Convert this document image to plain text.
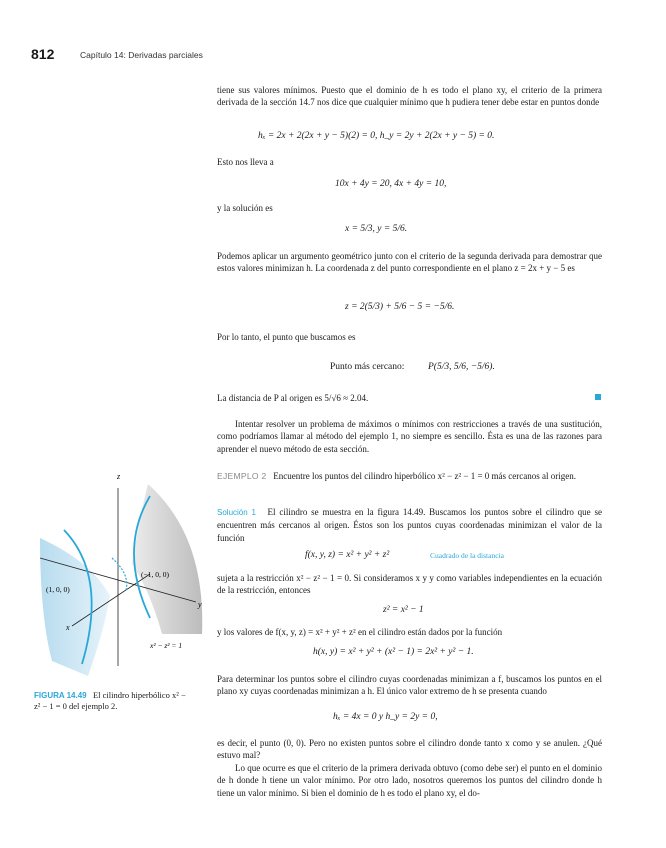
812	Capítulo 14: Derivadas parciales
tiene sus valores mínimos. Puesto que el dominio de h es todo el plano xy, el criterio de la primera derivada de la sección 14.7 nos dice que cualquier mínimo que h pudiera tener debe estar en puntos donde
hₓ = 2x + 2(2x + y − 5)(2) = 0, h_y = 2y + 2(2x + y − 5) = 0.
Esto nos lleva a
10x + 4y = 20, 4x + 4y = 10,
y la solución es
x = 5/3, y = 5/6.
Podemos aplicar un argumento geométrico junto con el criterio de la segunda derivada para demostrar que estos valores minimizan h. La coordenada z del punto correspondiente en el plano z = 2x + y − 5 es
z = 2(5/3) + 5/6 − 5 = −5/6.
Por lo tanto, el punto que buscamos es
Punto más cercano: P(5/3, 5/6, −5/6).
La distancia de P al origen es 5/√6 ≈ 2.04.
Intentar resolver un problema de máximos o mínimos con restricciones a través de una sustitución, como podríamos llamar al método del ejemplo 1, no siempre es sencillo. Ésta es una de las razones para aprender el nuevo método de esta sección.
EJEMPLO 2 Encuentre los puntos del cilindro hiperbólico x² − z² − 1 = 0 más cercanos al origen.
Solución 1 El cilindro se muestra en la figura 14.49. Buscamos los puntos sobre el cilindro que se encuentren más cercanos al origen. Éstos son los puntos cuyas coordenadas minimizan el valor de la función
f(x, y, z) = x² + y² + z²	Cuadrado de la distancia
sujeta a la restricción x² − z² − 1 = 0. Si consideramos x y y como variables independientes en la ecuación de la restricción, entonces
z² = x² − 1
y los valores de f(x, y, z) = x² + y² + z² en el cilindro están dados por la función
h(x, y) = x² + y² + (x² − 1) = 2x² + y² − 1.
Para determinar los puntos sobre el cilindro cuyas coordenadas minimizan a f, buscamos los puntos en el plano xy cuyas coordenadas minimizan a h. El único valor extremo de h se presenta cuando
hₓ = 4x = 0 y h_y = 2y = 0,
es decir, el punto (0, 0). Pero no existen puntos sobre el cilindro donde tanto x como y se anulen. ¿Qué estuvo mal?
Lo que ocurre es que el criterio de la primera derivada obtuvo (como debe ser) el punto en el dominio de h donde h tiene un valor mínimo. Por otro lado, nosotros queremos los puntos del cilindro donde h tiene un valor mínimo. Si bien el dominio de h es todo el plano xy, el do-
z
y
x
(1, 0, 0)
(−1, 0, 0)
x² − z² = 1
FIGURA 14.49 El cilindro hiperbólico x² − z² − 1 = 0 del ejemplo 2.
